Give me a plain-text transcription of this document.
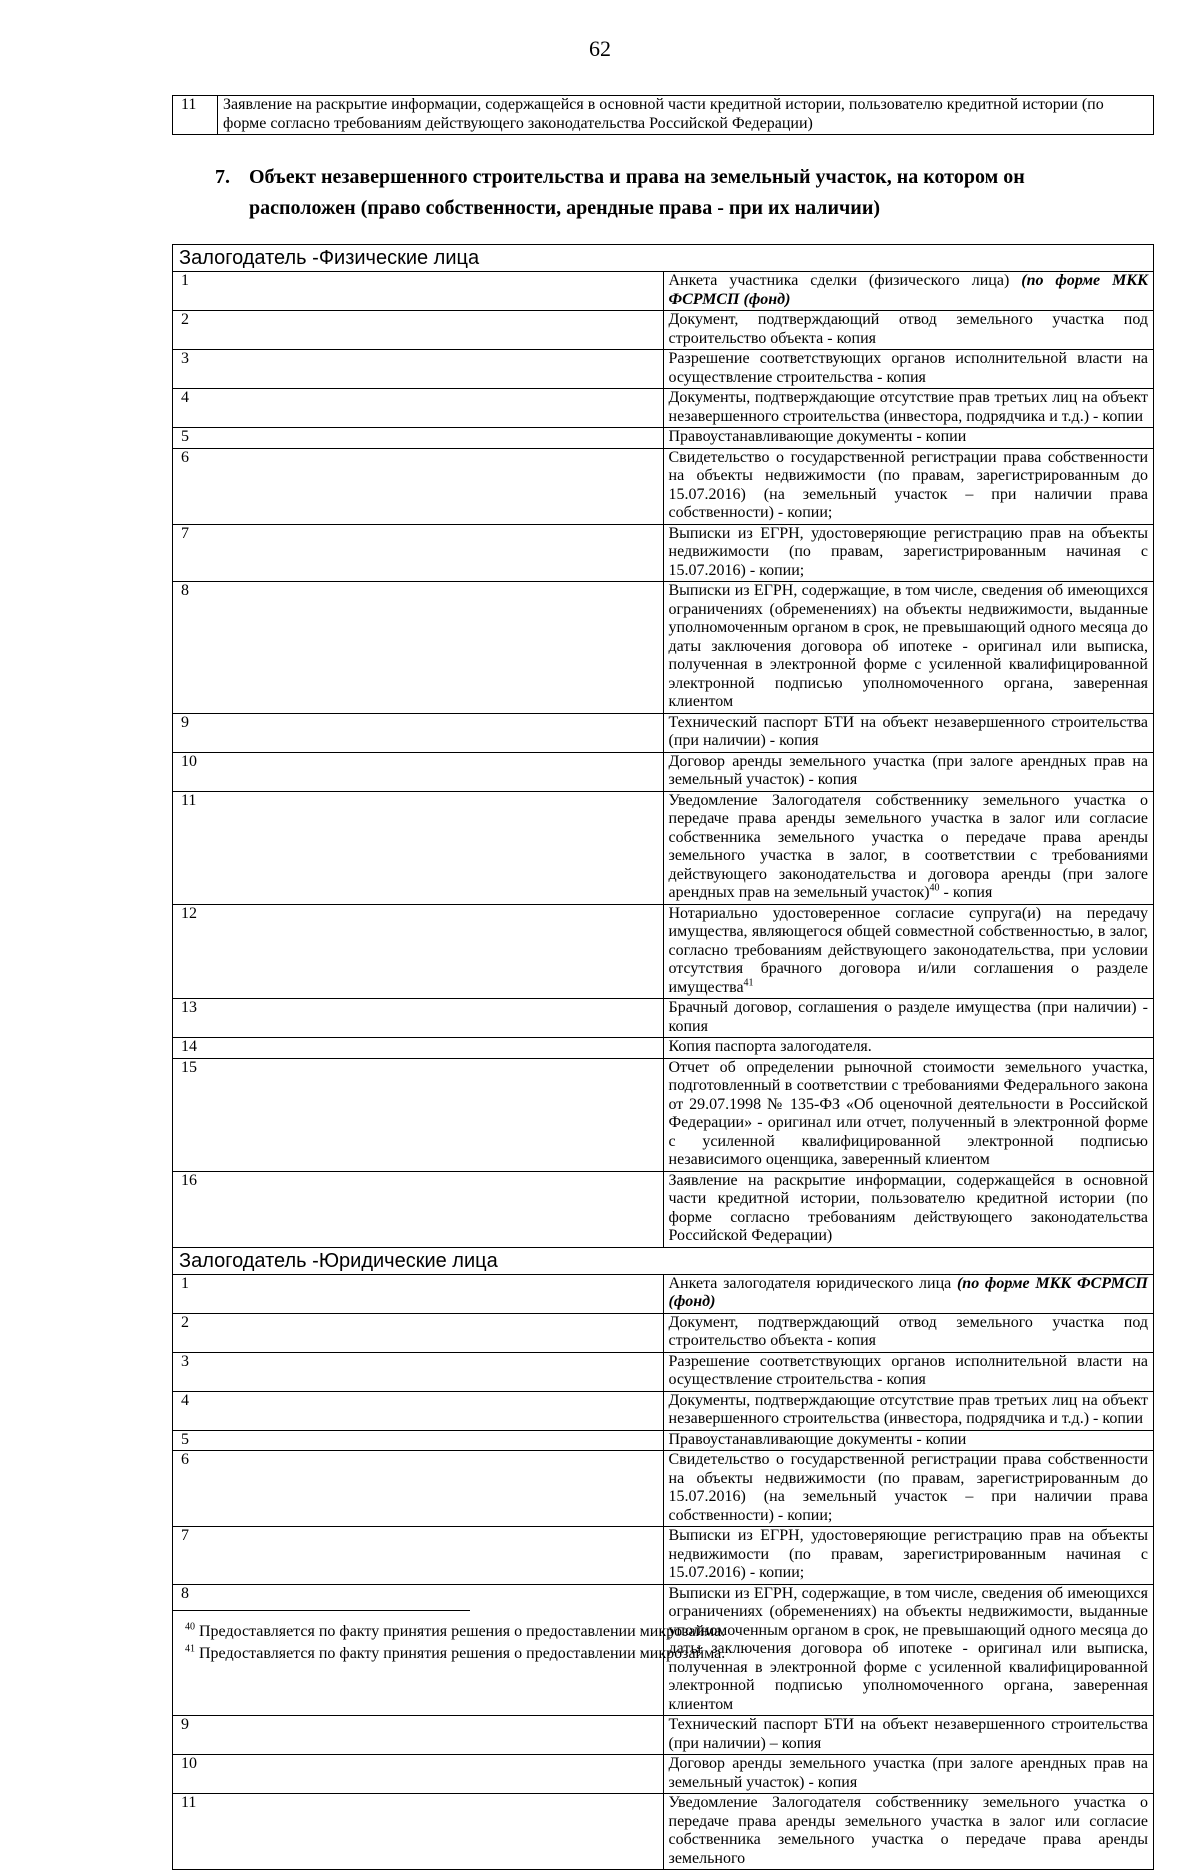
62
11	Заявление на раскрытие информации, содержащейся в основной части кредитной истории, пользователю кредитной истории (по форме согласно требованиям действующего законодательства Российской Федерации)
7. Объект незавершенного строительства и права на земельный участок, на котором он
расположен (право собственности, арендные права - при их наличии)
Залогодатель -Физические лица	
1	Анкета участника сделки (физического лица) (по форме МКК ФСРМСП (фонд)
2	Документ, подтверждающий отвод земельного участка под строительство объекта - копия
3	Разрешение соответствующих органов исполнительной власти на осуществление строительства - копия
4	Документы, подтверждающие отсутствие прав третьих лиц на объект незавершенного строительства (инвестора, подрядчика и т.д.) - копии
5	Правоустанавливающие документы - копии
6	Свидетельство о государственной регистрации права собственности на объекты недвижимости (по правам, зарегистрированным до 15.07.2016) (на земельный участок – при наличии права собственности) - копии;
7	Выписки из ЕГРН, удостоверяющие регистрацию прав на объекты недвижимости (по правам, зарегистрированным начиная с 15.07.2016) - копии;
8	Выписки из ЕГРН, содержащие, в том числе, сведения об имеющихся ограничениях (обременениях) на объекты недвижимости, выданные уполномоченным органом в срок, не превышающий одного месяца до даты заключения договора об ипотеке - оригинал или выписка, полученная в электронной форме с усиленной квалифицированной электронной подписью уполномоченного органа, заверенная клиентом
9	Технический паспорт БТИ на объект незавершенного строительства (при наличии) - копия
10	Договор аренды земельного участка (при залоге арендных прав на земельный участок) - копия
11	Уведомление Залогодателя собственнику земельного участка о передаче права аренды земельного участка в залог или согласие собственника земельного участка о передаче права аренды земельного участка в залог, в соответствии с требованиями действующего законодательства и договора аренды (при залоге арендных прав на земельный участок)$^{40}$ - копия
12	Нотариально удостоверенное согласие супруга(и) на передачу имущества, являющегося общей совместной собственностью, в залог, согласно требованиям действующего законодательства, при условии отсутствия брачного договора и/или соглашения о разделе имущества$^{41}$
13	Брачный договор, соглашения о разделе имущества (при наличии) - копия
14	Копия паспорта залогодателя.
15	Отчет об определении рыночной стоимости земельного участка, подготовленный в соответствии с требованиями Федерального закона от 29.07.1998 № 135-ФЗ «Об оценочной деятельности в Российской Федерации» - оригинал или отчет, полученный в электронной форме с усиленной квалифицированной электронной подписью независимого оценщика, заверенный клиентом
16	Заявление на раскрытие информации, содержащейся в основной части кредитной истории, пользователю кредитной истории (по форме согласно требованиям действующего законодательства Российской Федерации)
Залогодатель -Юридические лица	
1	Анкета залогодателя юридического лица (по форме МКК ФСРМСП (фонд)
2	Документ, подтверждающий отвод земельного участка под строительство объекта - копия
3	Разрешение соответствующих органов исполнительной власти на осуществление строительства - копия
4	Документы, подтверждающие отсутствие прав третьих лиц на объект незавершенного строительства (инвестора, подрядчика и т.д.) - копии
5	Правоустанавливающие документы - копии
6	Свидетельство о государственной регистрации права собственности на объекты недвижимости (по правам, зарегистрированным до 15.07.2016) (на земельный участок – при наличии права собственности) - копии;
7	Выписки из ЕГРН, удостоверяющие регистрацию прав на объекты недвижимости (по правам, зарегистрированным начиная с 15.07.2016) - копии;
8	Выписки из ЕГРН, содержащие, в том числе, сведения об имеющихся ограничениях (обременениях) на объекты недвижимости, выданные уполномоченным органом в срок, не превышающий одного месяца до даты заключения договора об ипотеке - оригинал или выписка, полученная в электронной форме с усиленной квалифицированной электронной подписью уполномоченного органа, заверенная клиентом
9	Технический паспорт БТИ на объект незавершенного строительства (при наличии) – копия
10	Договор аренды земельного участка (при залоге арендных прав на земельный участок) - копия
11	Уведомление Залогодателя собственнику земельного участка о передаче права аренды земельного участка в залог или согласие собственника земельного участка о передаче права аренды земельного

$^{40}$ Предоставляется по факту принятия решения о предоставлении микрозайма.

$^{41}$ Предоставляется по факту принятия решения о предоставлении микрозайма.
